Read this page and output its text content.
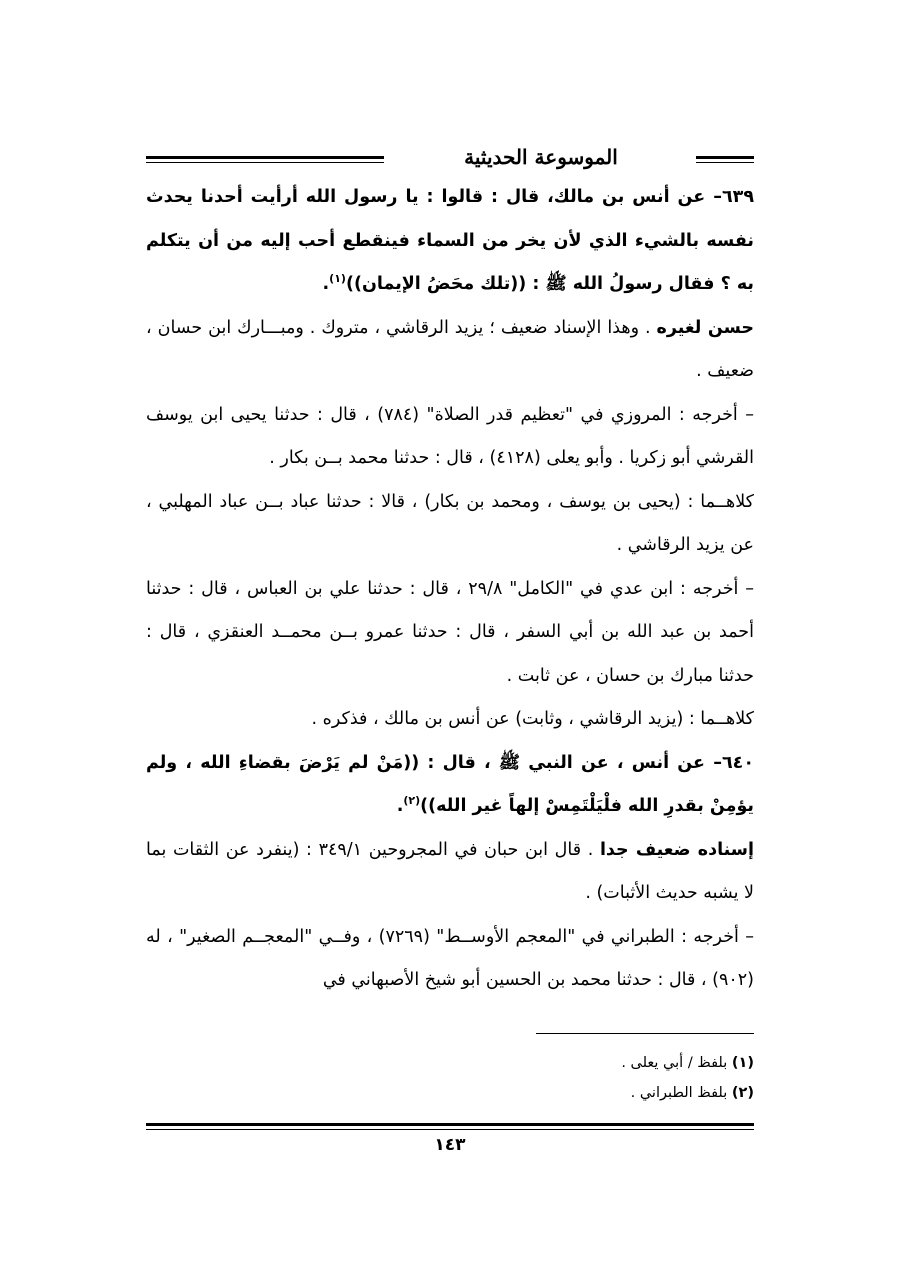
الموسوعة الحديثية

٦٣٩– عن أنس بن مالك، قال : قالوا : يا رسول الله أرأيت أحدنا يحدث نفسه بالشيء الذي لأن يخر من السماء فينقطع أحب إليه من أن يتكلم به ؟ فقال رسولُ الله ﷺ : ((تلك محَضُ الإيمان))$^{(١)}$.

حسن لغيره . وهذا الإسناد ضعيف ؛ يزيد الرقاشي ، متروك . ومبـــارك ابن حسان ، ضعيف .

– أخرجه : المروزي في "تعظيم قدر الصلاة" (٧٨٤) ، قال : حدثنا يحيى ابن يوسف القرشي أبو زكريا . وأبو يعلى (٤١٢٨) ، قال : حدثنا محمد بــن بكار .

كلاهــما : (يحيى بن يوسف ، ومحمد بن بكار) ، قالا : حدثنا عباد بــن عباد المهلبي ، عن يزيد الرقاشي .

– أخرجه : ابن عدي في "الكامل" ٢٩/٨ ، قال : حدثنا علي بن العباس ، قال : حدثنا أحمد بن عبد الله بن أبي السفر ، قال : حدثنا عمرو بــن محمــد العنقزي ، قال : حدثنا مبارك بن حسان ، عن ثابت .

كلاهــما : (يزيد الرقاشي ، وثابت) عن أنس بن مالك ، فذكره .

٦٤٠– عن أنس ، عن النبي ﷺ ، قال : ((مَنْ لم يَرْضَ بقضاءِ الله ، ولم يؤمِنْ بقدرِ الله فلْيَلْتَمِسْ إلهاً غير الله))$^{(٢)}$.

إسناده ضعيف جدا . قال ابن حبان في المجروحين ٣٤٩/١ : (ينفرد عن الثقات بما لا يشبه حديث الأثبات) .

– أخرجه : الطبراني في "المعجم الأوســط" (٧٢٦٩) ، وفــي "المعجــم الصغير" ، له (٩٠٢) ، قال : حدثنا محمد بن الحسين أبو شيخ الأصبهاني في

(١) بلفظ / أبي يعلى .

(٢) بلفظ الطبراني .

١٤٣
